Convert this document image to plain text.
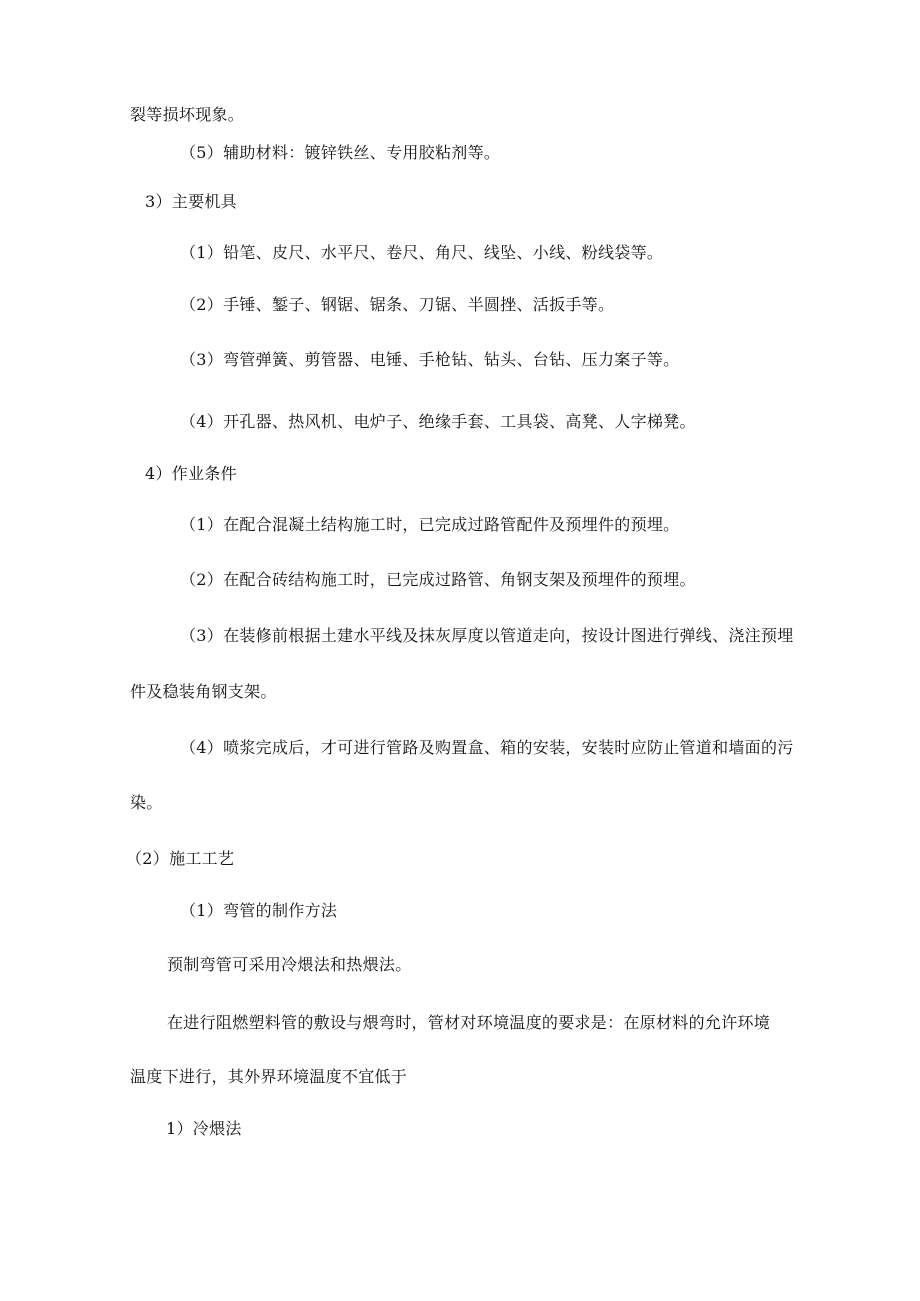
裂等损坏现象。

（5）辅助材料：镀锌铁丝、专用胶粘剂等。

3）主要机具

（1）铅笔、皮尺、水平尺、卷尺、角尺、线坠、小线、粉线袋等。

（2）手锤、錾子、钢锯、锯条、刀锯、半圆挫、活扳手等。

（3）弯管弹簧、剪管器、电锤、手枪钻、钻头、台钻、压力案子等。

（4）开孔器、热风机、电炉子、绝缘手套、工具袋、高凳、人字梯凳。

4）作业条件

（1）在配合混凝土结构施工时，已完成过路管配件及预埋件的预埋。

（2）在配合砖结构施工时，已完成过路管、角钢支架及预埋件的预埋。

（3）在装修前根据土建水平线及抹灰厚度以管道走向，按设计图进行弹线、浇注预埋

件及稳装角钢支架。

（4）喷浆完成后，才可进行管路及购置盒、箱的安装，安装时应防止管道和墙面的污

染。

（2）施工工艺

（1）弯管的制作方法

预制弯管可采用冷煨法和热煨法。

在进行阻燃塑料管的敷设与煨弯时，管材对环境温度的要求是：在原材料的允许环境

温度下进行，其外界环境温度不宜低于

1）冷煨法
